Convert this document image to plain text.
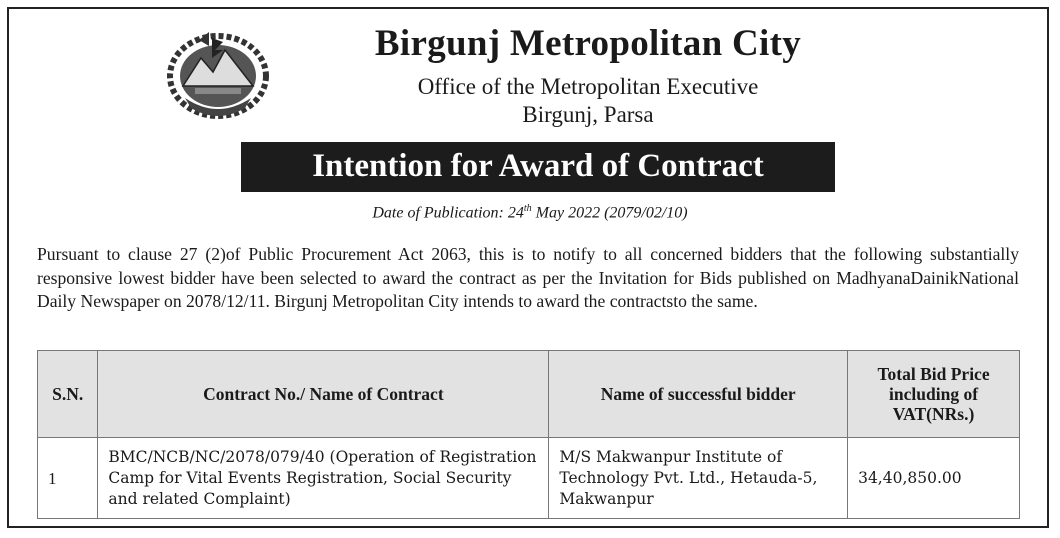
Birgunj Metropolitan City
Office of the Metropolitan Executive
Birgunj, Parsa
Intention for Award of Contract
Date of Publication: 24th May 2022 (2079/02/10)
Pursuant to clause 27 (2)of Public Procurement Act 2063, this is to notify to all concerned bidders that the following substantially responsive lowest bidder have been selected to award the contract as per the Invitation for Bids published on MadhyanaDainikNational Daily Newspaper on 2078/12/11. Birgunj Metropolitan City intends to award the contractsto the same.
S.N.	Contract No./ Name of Contract	Name of successful bidder	Total Bid Price including of VAT(NRs.)
1	BMC/NCB/NC/2078/079/40 (Operation of Registration Camp for Vital Events Registration, Social Security and related Complaint)	M/S Makwanpur Institute of Technology Pvt. Ltd., Hetauda-5, Makwanpur	34,40,850.00
